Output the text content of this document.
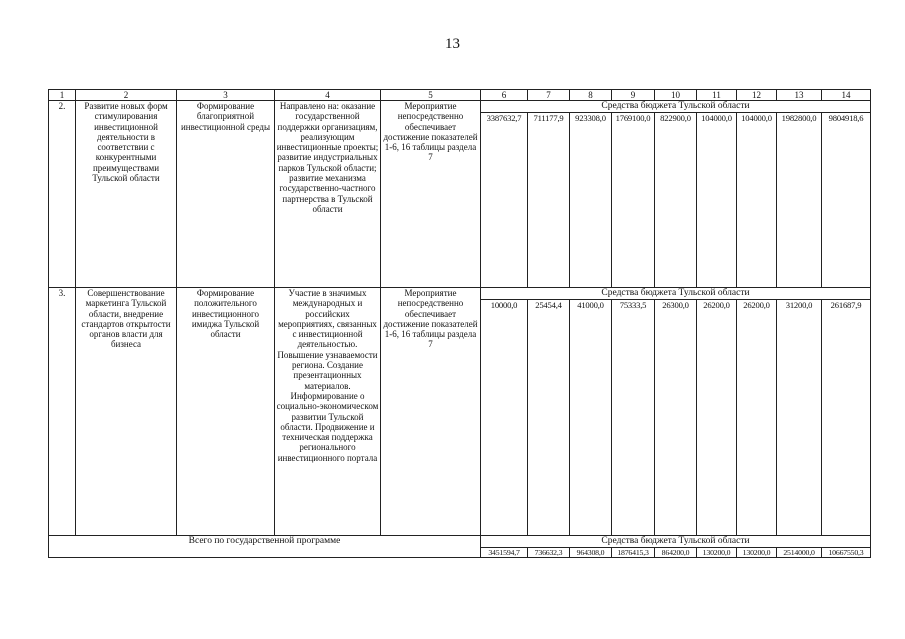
13
1	2	3	4	5	6	7	8	9	10	11	12	13	14
2.	Развитие новых форм стимулирования инвестиционной деятельности в соответствии с конкурентными преимуществами Тульской области	Формирование благоприятной инвестиционной среды	Направлено на: оказание государственной поддержки организациям, реализующим инвестиционные проекты; развитие индустриальных парков Тульской области; развитие механизма государственно-частного партнерства в Тульской области	Мероприятие непосредственно обеспечивает достижение показателей 1-6, 16 таблицы раздела 7	Средства бюджета Тульской области								
					3387632,7	711177,9	923308,0	1769100,0	822900,0	104000,0	104000,0	1982800,0	9804918,6
3.	Совершенствование маркетинга Тульской области, внедрение стандартов открытости органов власти для бизнеса	Формирование положительного инвестиционного имиджа Тульской области	Участие в значимых международных и российских мероприятиях, связанных с инвестиционной деятельностью. Повышение узнаваемости региона. Создание презентационных материалов. Информирование о социально-экономическом развитии Тульской области. Продвижение и техническая поддержка регионального инвестиционного портала	Мероприятие непосредственно обеспечивает достижение показателей 1-6, 16 таблицы раздела 7	Средства бюджета Тульской области								
					10000,0	25454,4	41000,0	75333,5	26300,0	26200,0	26200,0	31200,0	261687,9
Всего по государственной программе					Средства бюджета Тульской области								
					3451594,7	736632,3	964308,0	1876415,3	864200,0	130200,0	130200,0	2514000,0	10667550,3
